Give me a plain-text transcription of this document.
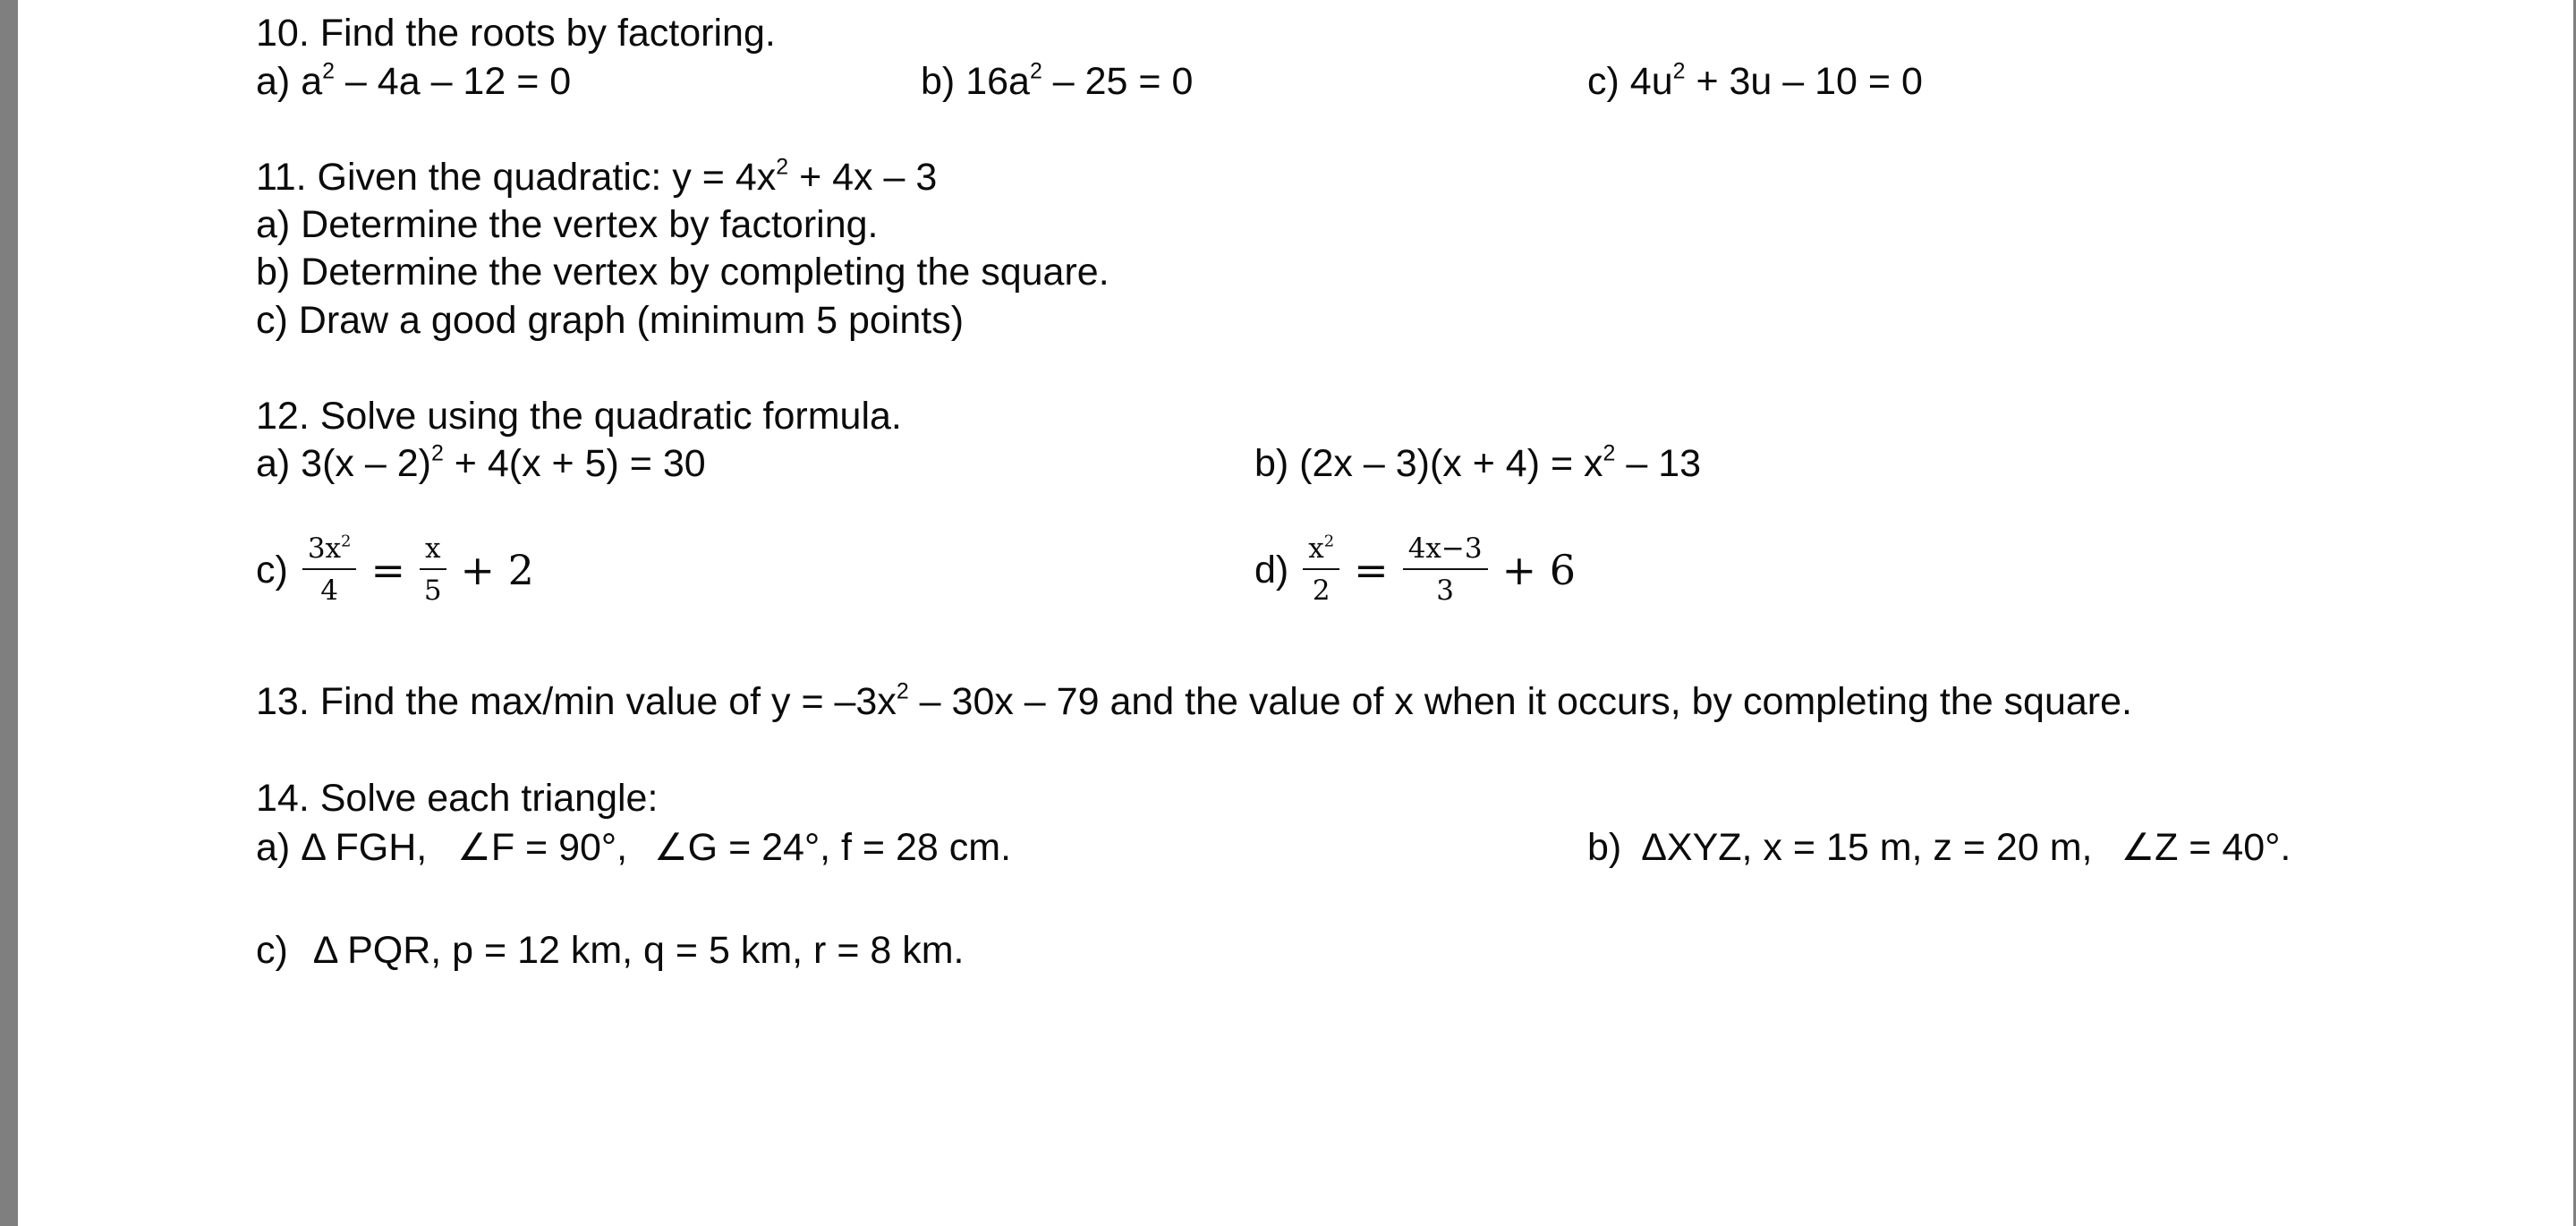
10. Find the roots by factoring.
a) $a^2 - 4a - 12 = 0$	b) $16a^2 - 25 = 0$	c) $4u^2 + 3u - 10 = 0$
11. Given the quadratic: $y = 4x^2 + 4x - 3$
a) Determine the vertex by factoring.
b) Determine the vertex by completing the square.
c) Draw a good graph (minimum 5 points)
12. Solve using the quadratic formula.
a) 3(x – 2)$^2$ + 4(x + 5) = 30	b) $(2x - 3)(x + 4) = x^2 - 13$
$c) \frac{3x^2}{4} = \frac{x}{5} + 2$	$d) \frac{x^2}{2} = \frac{4x-3}{3} + 6$
13. Find the max/min value of $y = -3x^2 - 30x - 79$ and the value of x when it occurs, by completing the square.
14. Solve each triangle:
a) Δ FGH, ∠F = 90°, ∠G = 24°, f = 28 cm.	b) ΔXYZ, x = 15 m, z = 20 m, ∠Z = 40°.
c) Δ PQR, p = 12 km, q = 5 km, r = 8 km.
